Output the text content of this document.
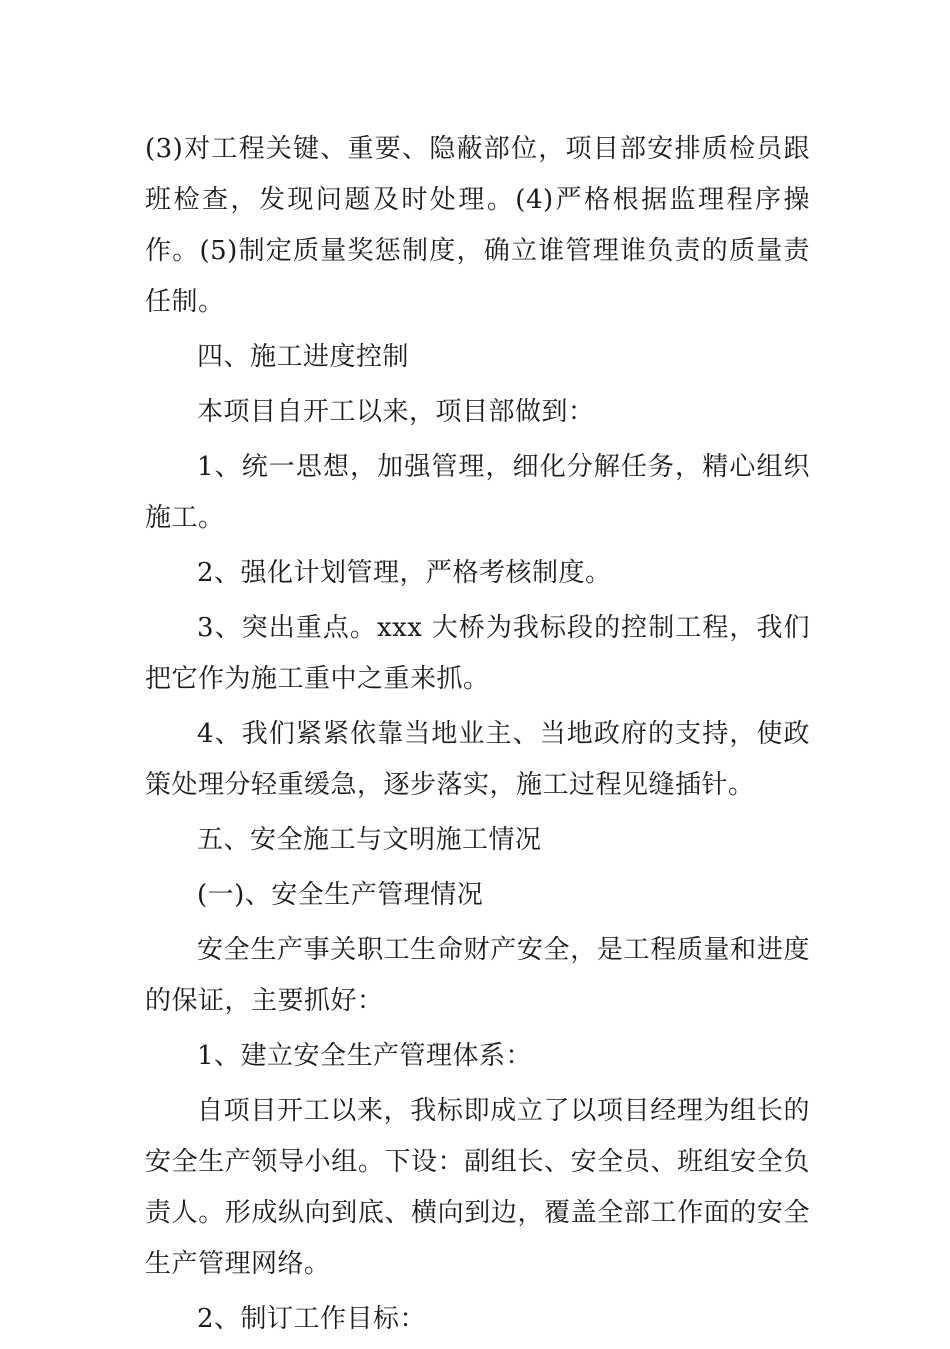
(3)对工程关键、重要、隐蔽部位，项目部安排质检员跟班检查，发现问题及时处理。(4)严格根据监理程序操作。(5)制定质量奖惩制度，确立谁管理谁负责的质量责任制。

四、施工进度控制

本项目自开工以来，项目部做到：

1、统一思想，加强管理，细化分解任务，精心组织施工。

2、强化计划管理，严格考核制度。

3、突出重点。xxx 大桥为我标段的控制工程，我们把它作为施工重中之重来抓。

4、我们紧紧依靠当地业主、当地政府的支持，使政策处理分轻重缓急，逐步落实，施工过程见缝插针。

五、安全施工与文明施工情况

(一)、安全生产管理情况

安全生产事关职工生命财产安全，是工程质量和进度的保证，主要抓好：

1、建立安全生产管理体系：

自项目开工以来，我标即成立了以项目经理为组长的安全生产领导小组。下设：副组长、安全员、班组安全负责人。形成纵向到底、横向到边，覆盖全部工作面的安全生产管理网络。

2、制订工作目标：
